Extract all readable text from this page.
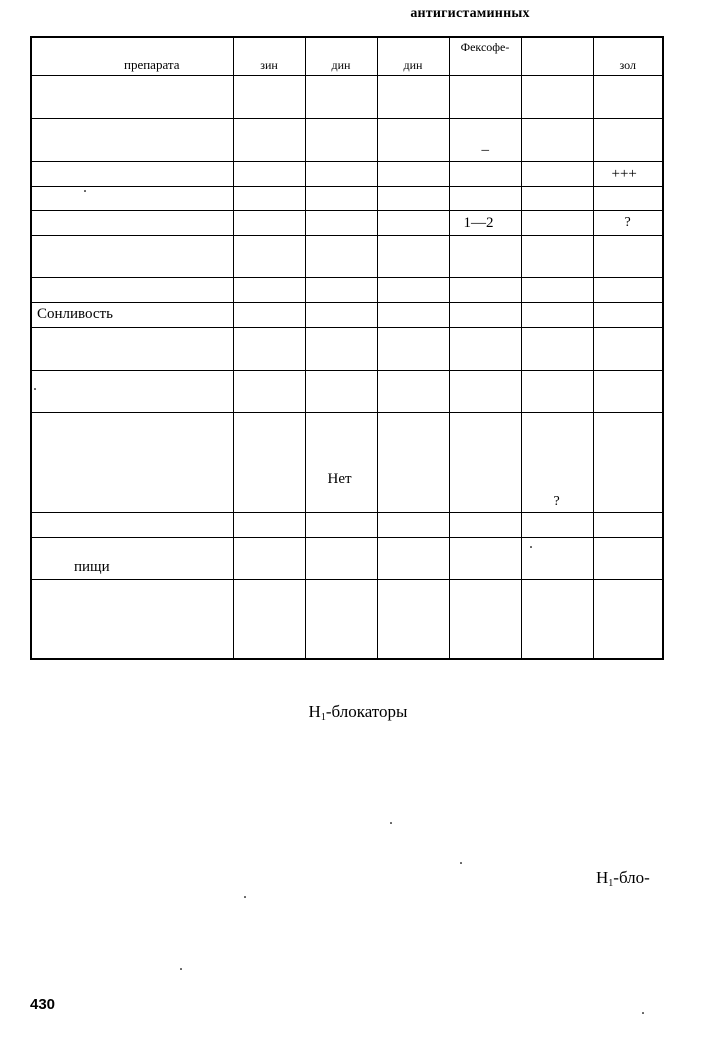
антигистаминных
препарата	зин	дин	дин	Фексофе-		зол

				–		

						+++

				1—2		?

Сонливость						

		Нет			?	

пищи						

$H_1$-блокаторы
$H_1-бло-$
430
